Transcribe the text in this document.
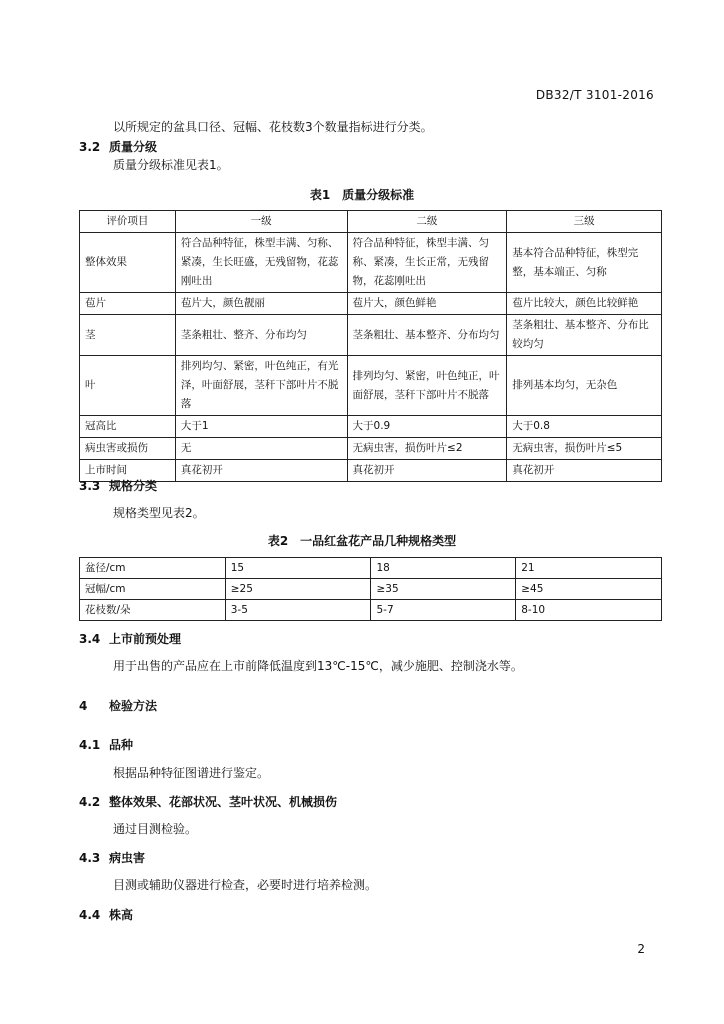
DB32/T 3101-2016
以所规定的盆具口径、冠幅、花枝数3个数量指标进行分类。
3.2 质量分级
质量分级标准见表1。
表1　质量分级标准
评价项目	一级	二级	三级
整体效果	符合品种特征，株型丰满、匀称、紧凑，生长旺盛，无残留物，花蕊刚吐出	符合品种特征，株型丰满、匀称、紧凑，生长正常，无残留物，花蕊刚吐出	基本符合品种特征，株型完整，基本端正、匀称
苞片	苞片大，颜色靓丽	苞片大，颜色鲜艳	苞片比较大，颜色比较鲜艳
茎	茎条粗壮、整齐、分布均匀	茎条粗壮、基本整齐、分布均匀	茎条粗壮、基本整齐、分布比较均匀
叶	排列均匀、紧密，叶色纯正，有光泽，叶面舒展，茎秆下部叶片不脱落	排列均匀、紧密，叶色纯正，叶面舒展，茎秆下部叶片不脱落	排列基本均匀，无杂色
冠高比	大于1	大于0.9	大于0.8
病虫害或损伤	无	无病虫害，损伤叶片≤2	无病虫害，损伤叶片≤5
上市时间	真花初开	真花初开	真花初开
3.3 规格分类
规格类型见表2。
表2　一品红盆花产品几种规格类型
盆径/cm	15	18	21
冠幅/cm	≥25	≥35	≥45
花枝数/朵	3-5	5-7	8-10
3.4 上市前预处理
用于出售的产品应在上市前降低温度到13℃-15℃，减少施肥、控制浇水等。
4 检验方法
4.1 品种
根据品种特征图谱进行鉴定。
4.2 整体效果、花部状况、茎叶状况、机械损伤
通过目测检验。
4.3 病虫害
目测或辅助仪器进行检查，必要时进行培养检测。
4.4 株高
2
